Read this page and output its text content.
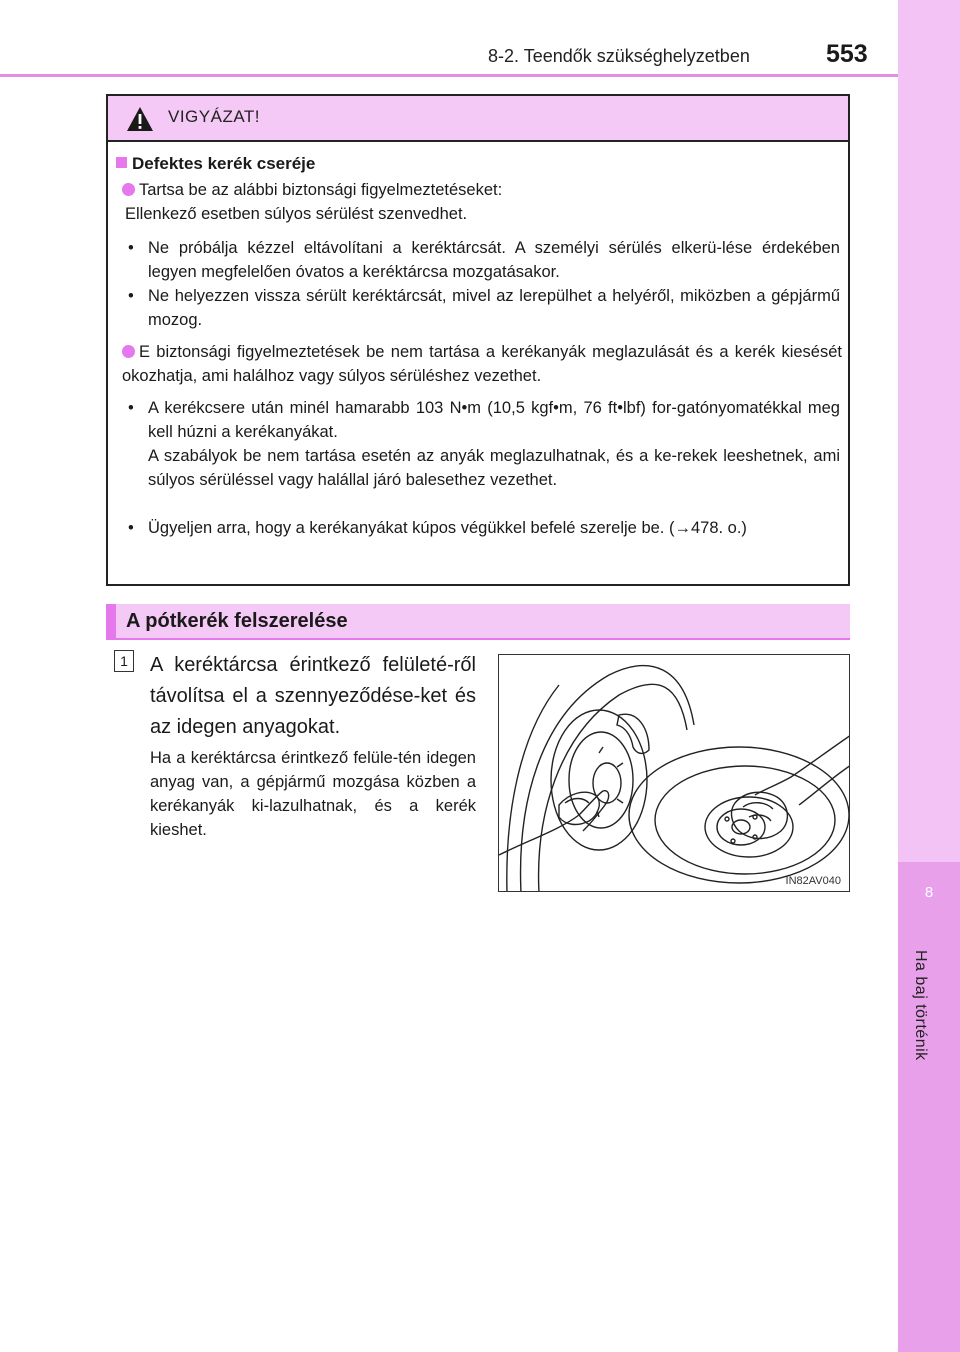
8
Ha baj történik
8-2. Teendők szükséghelyzetben	553
VIGYÁZAT!
Defektes kerék cseréje
Tartsa be az alábbi biztonsági figyelmeztetéseket:
Ellenkező esetben súlyos sérülést szenvedhet.
• Ne próbálja kézzel eltávolítani a keréktárcsát. A személyi sérülés elkerü-lése érdekében legyen megfelelően óvatos a keréktárcsa mozgatásakor.
• Ne helyezzen vissza sérült keréktárcsát, mivel az lerepülhet a helyéről, miközben a gépjármű mozog.
E biztonsági figyelmeztetések be nem tartása a kerékanyák meglazulását és a kerék kiesését okozhatja, ami halálhoz vagy súlyos sérüléshez vezethet.
• A kerékcsere után minél hamarabb 103 N•m (10,5 kgf•m, 76 ft•lbf) for-gatónyomatékkal meg kell húzni a kerékanyákat.
A szabályok be nem tartása esetén az anyák meglazulhatnak, és a ke-rekek leeshetnek, ami súlyos sérüléssel vagy halállal járó balesethez vezethet.
• Ügyeljen arra, hogy a kerékanyákat kúpos végükkel befelé szerelje be. (→478. o.)
A pótkerék felszerelése
1	A keréktárcsa érintkező felületé-ről távolítsa el a szennyeződése-ket és az idegen anyagokat.
Ha a keréktárcsa érintkező felüle-tén idegen anyag van, a gépjármű mozgása közben a kerékanyák ki-lazulhatnak, és a kerék kieshet.
IN82AV040
